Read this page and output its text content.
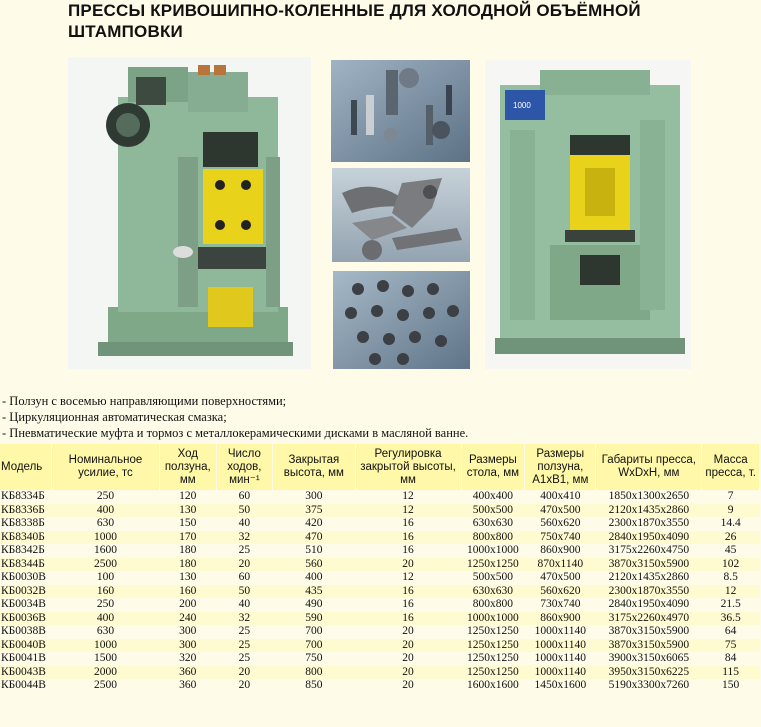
ПРЕССЫ КРИВОШИПНО-КОЛЕННЫЕ ДЛЯ ХОЛОДНОЙ ОБЪЁМНОЙ ШТАМПОВКИ
1000
- Ползун с восемью направляющими поверхностями;
- Циркуляционная автоматическая смазка;
- Пневматические муфта и тормоз с металлокерамическими дисками в масляной ванне.
Модель	Номинальное усилие, тс	Ход ползуна, мм	Число ходов, мин⁻¹	Закрытая высота, мм	Регулировка закрытой высоты, мм	Размеры стола, мм	Размеры ползуна, A1xB1, мм	Габариты пресса, WxDxH, мм	Масса пресса, т.
КБ8334Б	250	120	60	300	12	400x400	400x410	1850x1300x2650	7
КБ8336Б	400	130	50	375	12	500x500	470x500	2120x1435x2860	9
КБ8338Б	630	150	40	420	16	630x630	560x620	2300x1870x3550	14.4
КБ8340Б	1000	170	32	470	16	800x800	750x740	2840x1950x4090	26
КБ8342Б	1600	180	25	510	16	1000x1000	860x900	3175x2260x4750	45
КБ8344Б	2500	180	20	560	20	1250x1250	870x1140	3870x3150x5900	102
КБ0030В	100	130	60	400	12	500x500	470x500	2120x1435x2860	8.5
КБ0032В	160	160	50	435	16	630x630	560x620	2300x1870x3550	12
КБ0034В	250	200	40	490	16	800x800	730x740	2840x1950x4090	21.5
КБ0036В	400	240	32	590	16	1000x1000	860x900	3175x2260x4970	36.5
КБ0038В	630	300	25	700	20	1250x1250	1000x1140	3870x3150x5900	64
КБ0040В	1000	300	25	700	20	1250x1250	1000x1140	3870x3150x5900	75
КБ0041В	1500	320	25	750	20	1250x1250	1000x1140	3900x3150x6065	84
КБ0043В	2000	360	20	800	20	1250x1250	1000x1140	3950x3150x6225	115
КБ0044В	2500	360	20	850	20	1600x1600	1450x1600	5190x3300x7260	150
